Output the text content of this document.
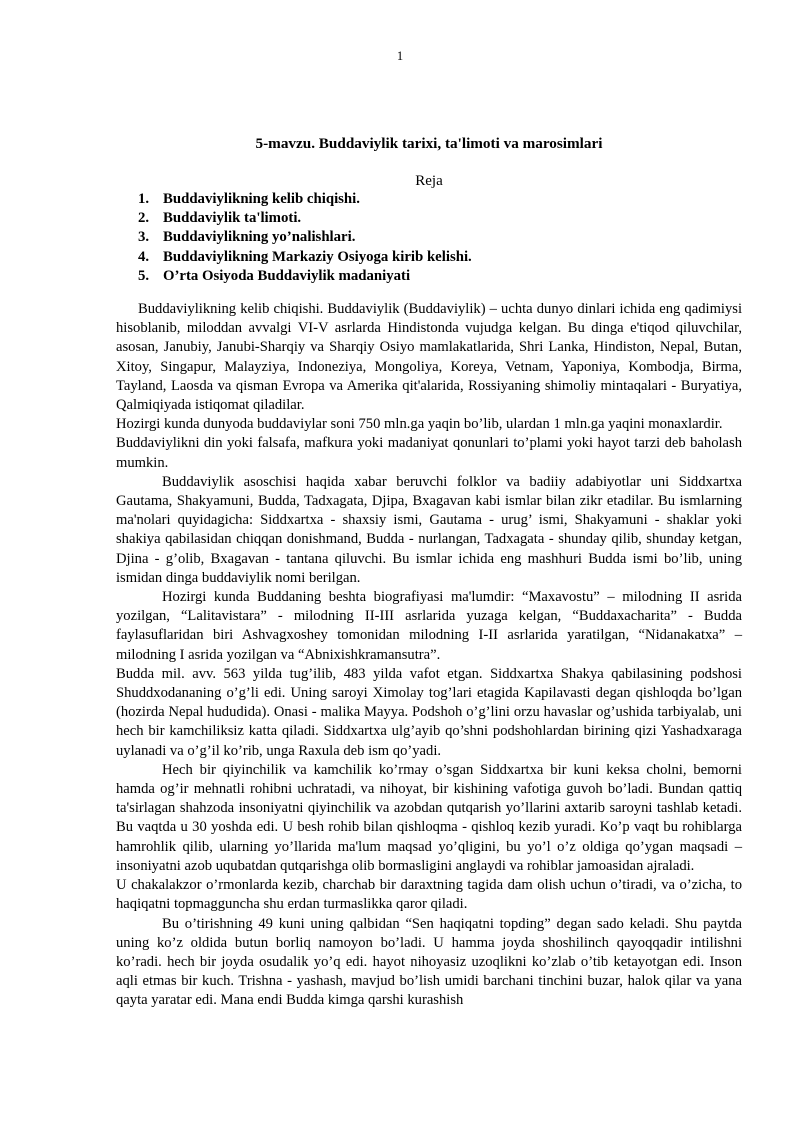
1
5-mavzu. Buddaviylik tarixi, ta'limoti va marosimlari
Reja
1. Buddaviylikning kelib chiqishi.
2. Buddaviylik ta'limoti.
3. Buddaviylikning yo’nalishlari.
4. Buddaviylikning Markaziy Osiyoga kirib kelishi.
5. O’rta Osiyoda Buddaviylik madaniyati

Buddaviylikning kelib chiqishi. Buddaviylik (Buddaviylik) – uchta dunyo dinlari ichida eng qadimiysi hisoblanib, miloddan avvalgi VI-V asrlarda Hindistonda vujudga kelgan. Bu dinga e'tiqod qiluvchilar, asosan, Janubiy, Janubi-Sharqiy va Sharqiy Osiyo mamlakatlarida, Shri Lanka, Hindiston, Nepal, Butan, Xitoy, Singapur, Malayziya, Indoneziya, Mongoliya, Koreya, Vetnam, Yaponiya, Kombodja, Birma, Tayland, Laosda va qisman Evropa va Amerika qit'alarida, Rossiyaning shimoliy mintaqalari - Buryatiya, Qalmiqiyada istiqomat qiladilar.

Hozirgi kunda dunyoda buddaviylar soni 750 mln.ga yaqin bo’lib, ulardan 1 mln.ga yaqini monaxlardir.

Buddaviylikni din yoki falsafa, mafkura yoki madaniyat qonunlari to’plami yoki hayot tarzi deb baholash mumkin.

Buddaviylik asoschisi haqida xabar beruvchi folklor va badiiy adabiyotlar uni Siddxartxa Gautama, Shakyamuni, Budda, Tadxagata, Djipa, Bxagavan kabi ismlar bilan zikr etadilar. Bu ismlarning ma'nolari quyidagicha: Siddxartxa - shaxsiy ismi, Gautama - urug’ ismi, Shakyamuni - shaklar yoki shakiya qabilasidan chiqqan donishmand, Budda - nurlangan, Tadxagata - shunday qilib, shunday ketgan, Djina - g’olib, Bxagavan - tantana qiluvchi. Bu ismlar ichida eng mashhuri Budda ismi bo’lib, uning ismidan dinga buddaviylik nomi berilgan.

Hozirgi kunda Buddaning beshta biografiyasi ma'lumdir: “Maxavostu” – milodning II asrida yozilgan, “Lalitavistara” - milodning II-III asrlarida yuzaga kelgan, “Buddaxacharita” - Budda faylasuflaridan biri Ashvagxoshey tomonidan milodning I-II asrlarida yaratilgan, “Nidanakatxa” – milodning I asrida yozilgan va “Abnixishkramansutra”.

Budda mil. avv. 563 yilda tug’ilib, 483 yilda vafot etgan. Siddxartxa Shakya qabilasining podshosi Shuddxodananing o’g’li edi. Uning saroyi Ximolay tog’lari etagida Kapilavasti degan qishloqda bo’lgan (hozirda Nepal hududida). Onasi - malika Mayya. Podshoh o’g’lini orzu havaslar og’ushida tarbiyalab, uni hech bir kamchiliksiz katta qiladi. Siddxartxa ulg’ayib qo’shni podshohlardan birining qizi Yashadxaraga uylanadi va o’g’il ko’rib, unga Raxula deb ism qo’yadi.

Hech bir qiyinchilik va kamchilik ko’rmay o’sgan Siddxartxa bir kuni keksa cholni, bemorni hamda og’ir mehnatli rohibni uchratadi, va nihoyat, bir kishining vafotiga guvoh bo’ladi. Bundan qattiq ta'sirlagan shahzoda insoniyatni qiyinchilik va azobdan qutqarish yo’llarini axtarib saroyni tashlab ketadi. Bu vaqtda u 30 yoshda edi. U besh rohib bilan qishloqma - qishloq kezib yuradi. Ko’p vaqt bu rohiblarga hamrohlik qilib, ularning yo’llarida ma'lum maqsad yo’qligini, bu yo’l o’z oldiga qo’ygan maqsadi – insoniyatni azob uqubatdan qutqarishga olib bormasligini anglaydi va rohiblar jamoasidan ajraladi.

U chakalakzor o’rmonlarda kezib, charchab bir daraxtning tagida dam olish uchun o’tiradi, va o’zicha, to haqiqatni topmagguncha shu erdan turmaslikka qaror qiladi.

Bu o’tirishning 49 kuni uning qalbidan “Sen haqiqatni topding” degan sado keladi. Shu paytda uning ko’z oldida butun borliq namoyon bo’ladi. U hamma joyda shoshilinch qayoqqadir intilishni ko’radi. hech bir joyda osudalik yo’q edi. hayot nihoyasiz uzoqlikni ko’zlab o’tib ketayotgan edi. Inson aqli etmas bir kuch. Trishna - yashash, mavjud bo’lish umidi barchani tinchini buzar, halok qilar va yana qayta yaratar edi. Mana endi Budda kimga qarshi kurashish
